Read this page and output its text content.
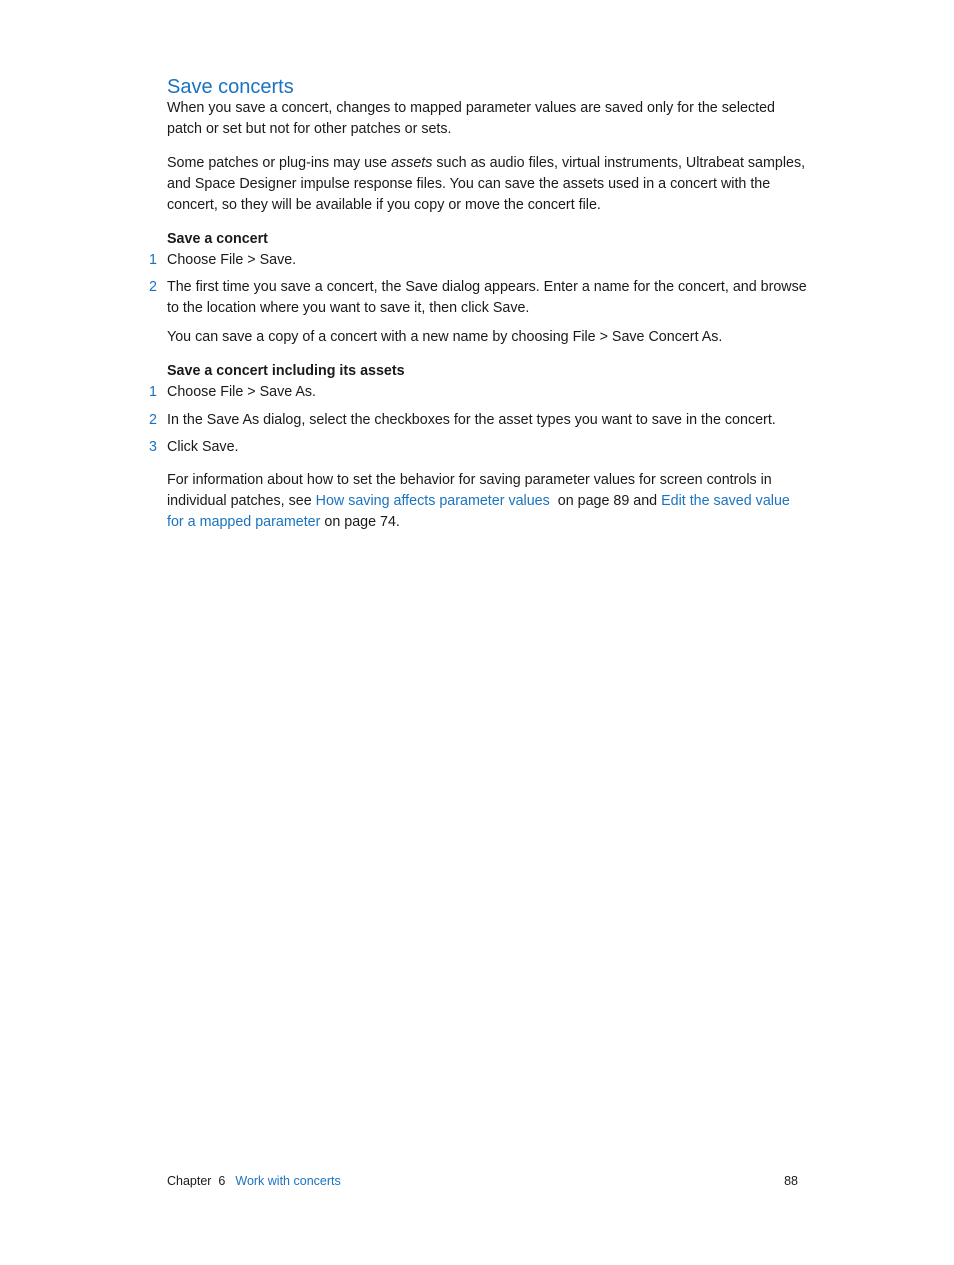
Save concerts

When you save a concert, changes to mapped parameter values are saved only for the selected patch or set but not for other patches or sets.

Some patches or plug-ins may use assets such as audio files, virtual instruments, Ultrabeat samples, and Space Designer impulse response files. You can save the assets used in a concert with the concert, so they will be available if you copy or move the concert file.

Save a concert
1 Choose File > Save.
2 The first time you save a concert, the Save dialog appears. Enter a name for the concert, and browse to the location where you want to save it, then click Save.

You can save a copy of a concert with a new name by choosing File > Save Concert As.

Save a concert including its assets
1 Choose File > Save As.
2 In the Save As dialog, select the checkboxes for the asset types you want to save in the concert.
3 Click Save.

For information about how to set the behavior for saving parameter values for screen controls in individual patches, see How saving affects parameter values  on page 89 and Edit the saved value for a mapped parameter on page 74.

Chapter  6 Work with concerts	88
